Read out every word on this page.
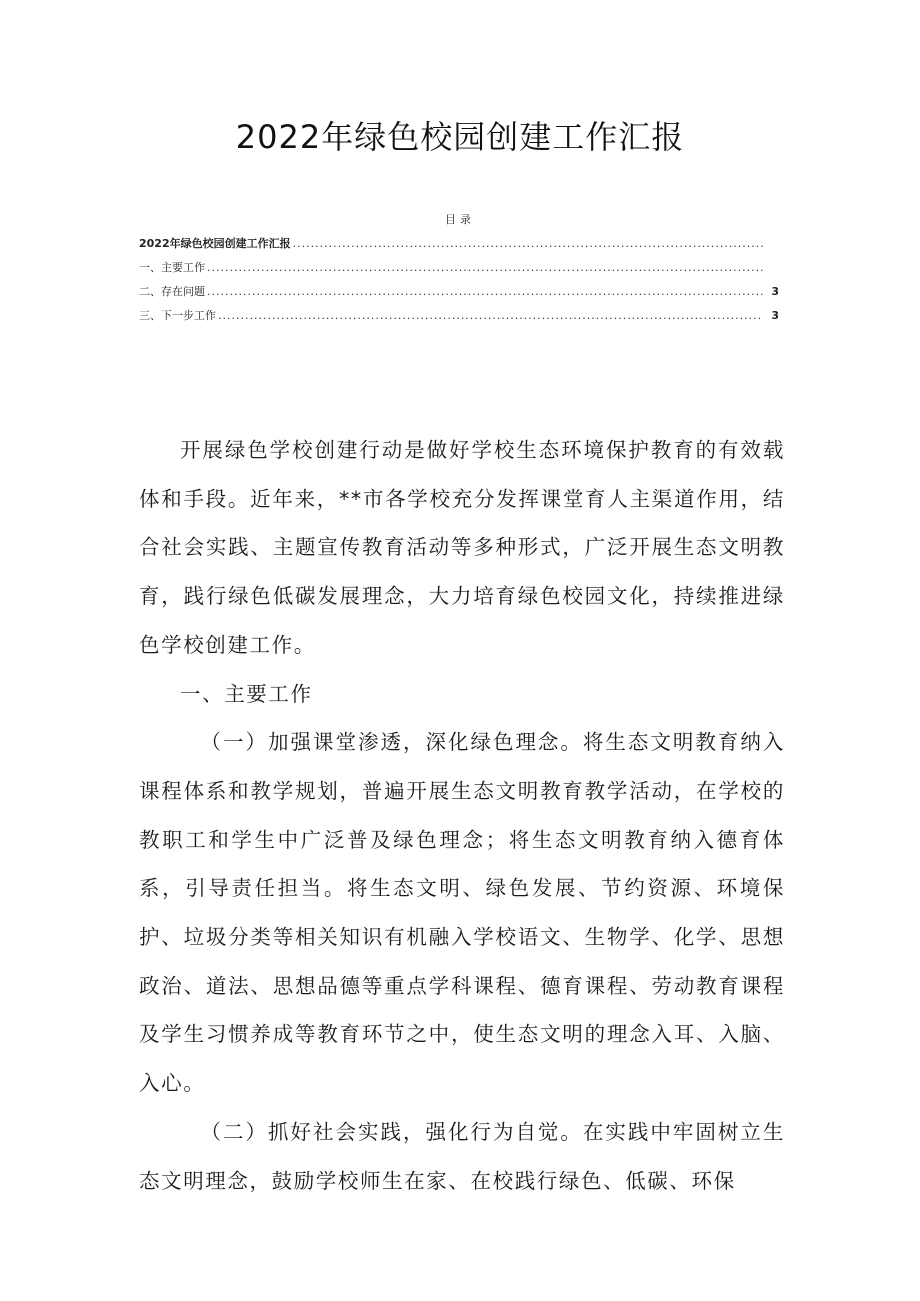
2022年绿色校园创建工作汇报
目录
2022年绿色校园创建工作汇报
.....
一、主要工作
.....
二、存在问题 .....	3
三、下一步工作 .....	3

开展绿色学校创建行动是做好学校生态环境保护教育的有效载体和手段。近年来，**市各学校充分发挥课堂育人主渠道作用，结合社会实践、主题宣传教育活动等多种形式，广泛开展生态文明教育，践行绿色低碳发展理念，大力培育绿色校园文化，持续推进绿色学校创建工作。

一、主要工作

（一）加强课堂渗透，深化绿色理念。将生态文明教育纳入课程体系和教学规划，普遍开展生态文明教育教学活动，在学校的教职工和学生中广泛普及绿色理念；将生态文明教育纳入德育体系，引导责任担当。将生态文明、绿色发展、节约资源、环境保护、垃圾分类等相关知识有机融入学校语文、生物学、化学、思想政治、道法、思想品德等重点学科课程、德育课程、劳动教育课程及学生习惯养成等教育环节之中，使生态文明的理念入耳、入脑、入心。

（二）抓好社会实践，强化行为自觉。在实践中牢固树立生态文明理念，鼓励学校师生在家、在校践行绿色、低碳、环保
